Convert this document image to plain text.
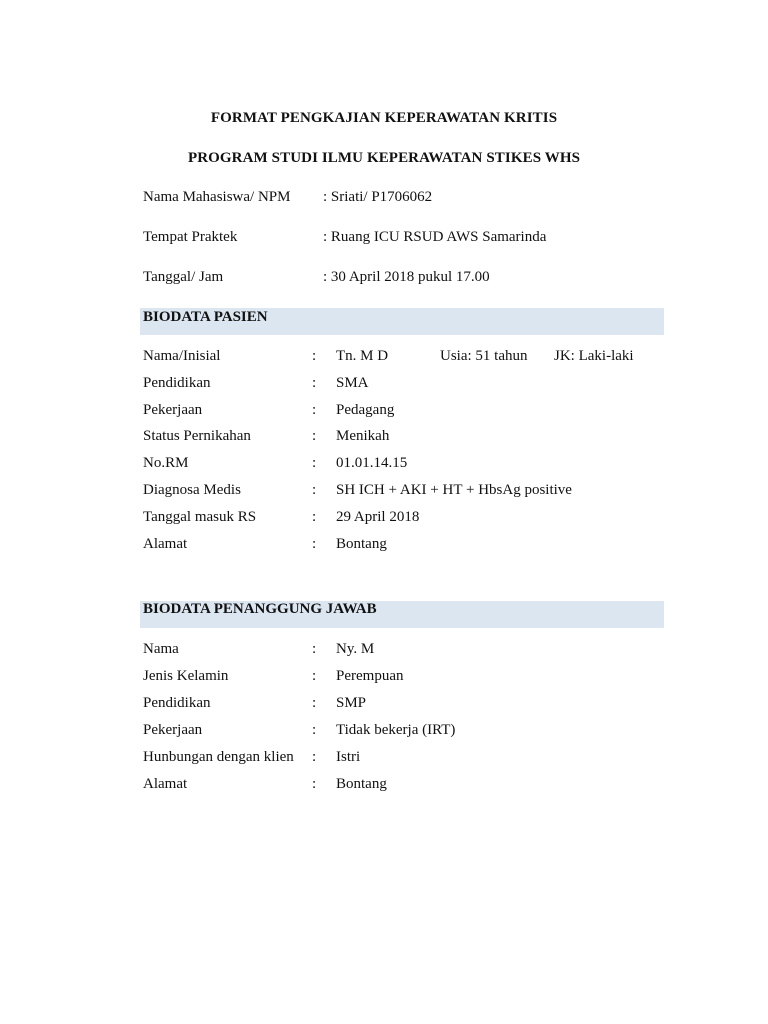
FORMAT PENGKAJIAN KEPERAWATAN KRITIS
PROGRAM STUDI ILMU KEPERAWATAN STIKES WHS
Nama Mahasiswa/ NPM : Sriati/ P1706062
Tempat Praktek	: Ruang ICU RSUD AWS Samarinda
Tanggal/ Jam	: 30 April 2018 pukul 17.00
BIODATA PASIEN
Nama/Inisial	: Tn. M D	Usia: 51 tahun JK: Laki-laki
Pendidikan	: SMA
Pekerjaan	: Pedagang
Status Pernikahan	: Menikah
No.RM	: 01.01.14.15
Diagnosa Medis	: SH ICH + AKI + HT + HbsAg positive
Tanggal masuk RS	: 29 April 2018
Alamat	: Bontang
BIODATA PENANGGUNG JAWAB
Nama	: Ny. M
Jenis Kelamin	: Perempuan
Pendidikan	: SMP
Pekerjaan	: Tidak bekerja (IRT)
Hunbungan dengan klien : Istri
Alamat	: Bontang
